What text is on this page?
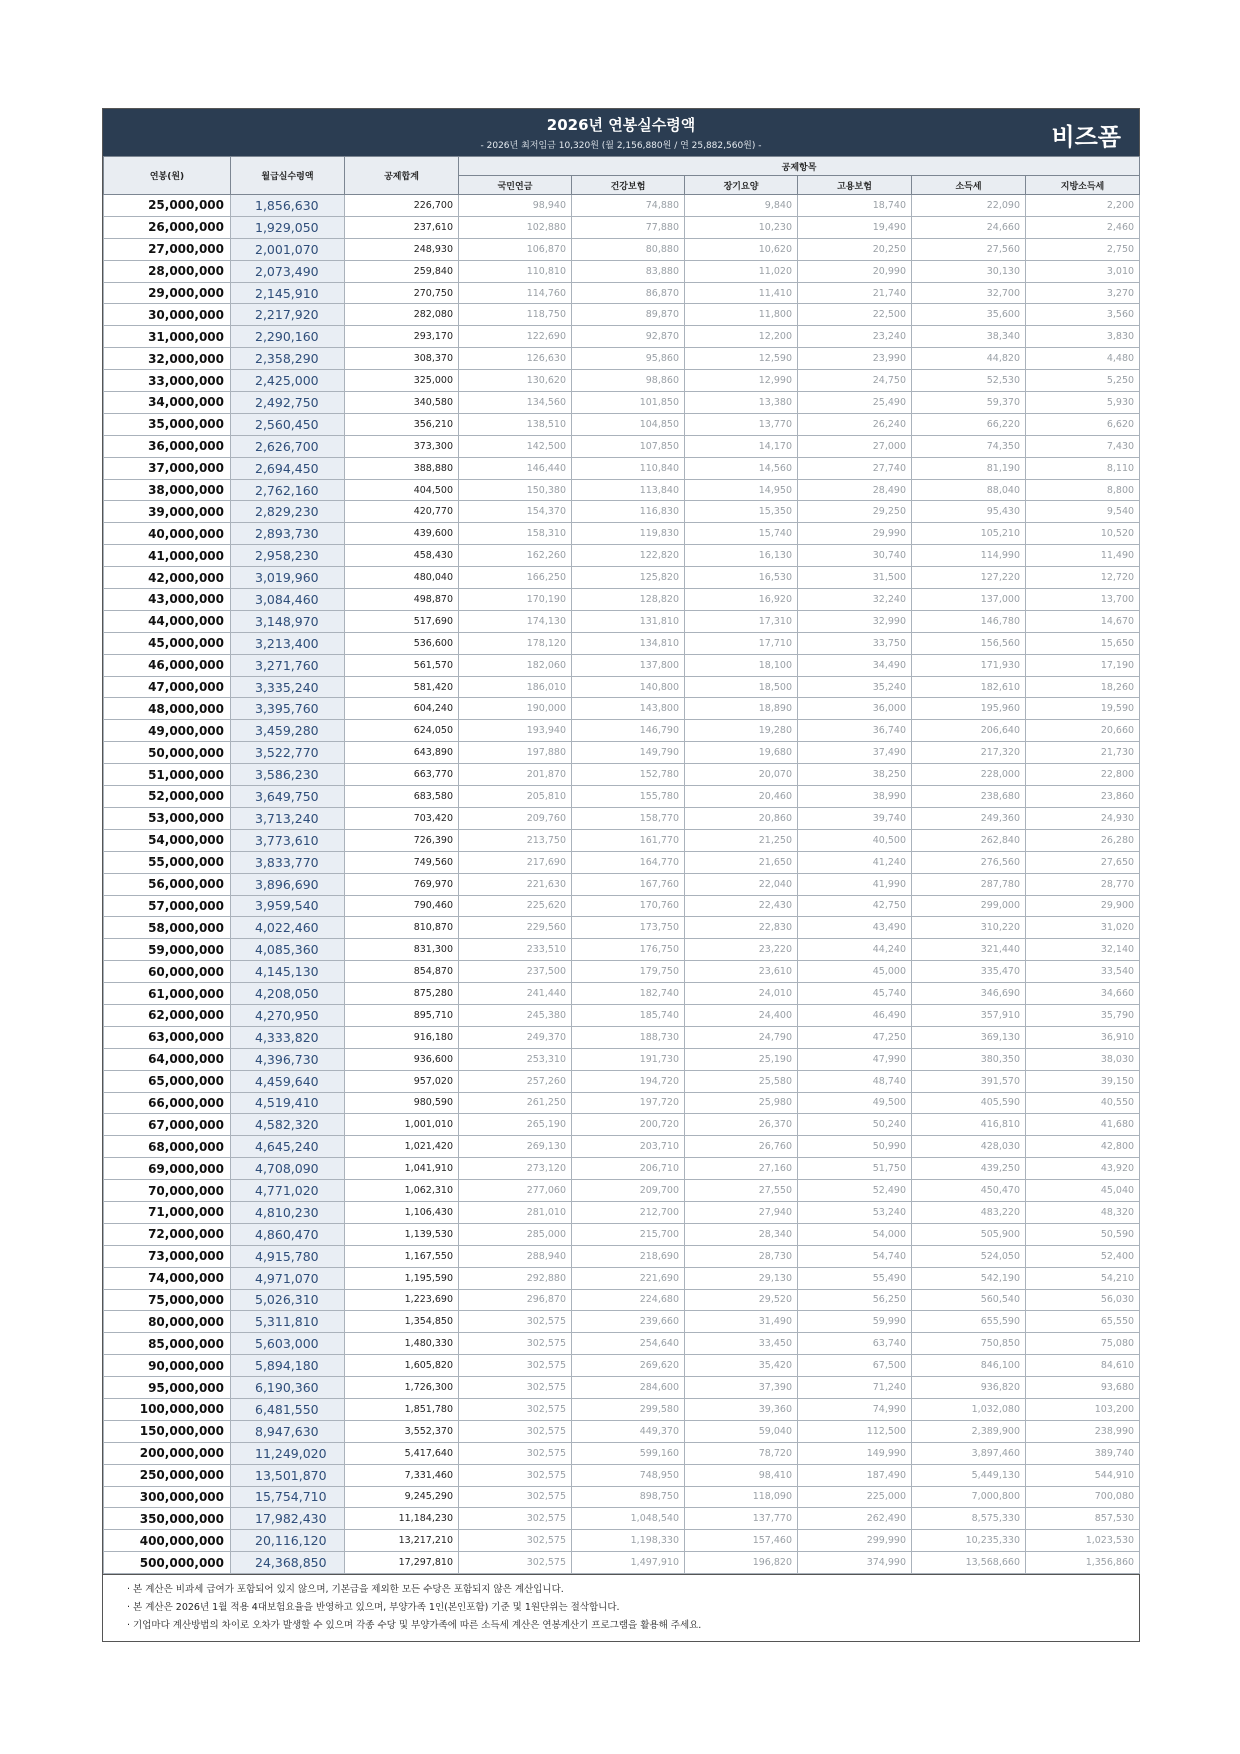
2026년 연봉실수령액
- 2026년 최저임금 10,320원 (월 2,156,880원 / 연 25,882,560원) -	비즈폼
연봉(원)	월급실수령액	공제합계	공제항목					
			국민연금	건강보험	장기요양	고용보험	소득세	지방소득세
25,000,000	1,856,630	226,700	98,940	74,880	9,840	18,740	22,090	2,200
26,000,000	1,929,050	237,610	102,880	77,880	10,230	19,490	24,660	2,460
27,000,000	2,001,070	248,930	106,870	80,880	10,620	20,250	27,560	2,750
28,000,000	2,073,490	259,840	110,810	83,880	11,020	20,990	30,130	3,010
29,000,000	2,145,910	270,750	114,760	86,870	11,410	21,740	32,700	3,270
30,000,000	2,217,920	282,080	118,750	89,870	11,800	22,500	35,600	3,560
31,000,000	2,290,160	293,170	122,690	92,870	12,200	23,240	38,340	3,830
32,000,000	2,358,290	308,370	126,630	95,860	12,590	23,990	44,820	4,480
33,000,000	2,425,000	325,000	130,620	98,860	12,990	24,750	52,530	5,250
34,000,000	2,492,750	340,580	134,560	101,850	13,380	25,490	59,370	5,930
35,000,000	2,560,450	356,210	138,510	104,850	13,770	26,240	66,220	6,620
36,000,000	2,626,700	373,300	142,500	107,850	14,170	27,000	74,350	7,430
37,000,000	2,694,450	388,880	146,440	110,840	14,560	27,740	81,190	8,110
38,000,000	2,762,160	404,500	150,380	113,840	14,950	28,490	88,040	8,800
39,000,000	2,829,230	420,770	154,370	116,830	15,350	29,250	95,430	9,540
40,000,000	2,893,730	439,600	158,310	119,830	15,740	29,990	105,210	10,520
41,000,000	2,958,230	458,430	162,260	122,820	16,130	30,740	114,990	11,490
42,000,000	3,019,960	480,040	166,250	125,820	16,530	31,500	127,220	12,720
43,000,000	3,084,460	498,870	170,190	128,820	16,920	32,240	137,000	13,700
44,000,000	3,148,970	517,690	174,130	131,810	17,310	32,990	146,780	14,670
45,000,000	3,213,400	536,600	178,120	134,810	17,710	33,750	156,560	15,650
46,000,000	3,271,760	561,570	182,060	137,800	18,100	34,490	171,930	17,190
47,000,000	3,335,240	581,420	186,010	140,800	18,500	35,240	182,610	18,260
48,000,000	3,395,760	604,240	190,000	143,800	18,890	36,000	195,960	19,590
49,000,000	3,459,280	624,050	193,940	146,790	19,280	36,740	206,640	20,660
50,000,000	3,522,770	643,890	197,880	149,790	19,680	37,490	217,320	21,730
51,000,000	3,586,230	663,770	201,870	152,780	20,070	38,250	228,000	22,800
52,000,000	3,649,750	683,580	205,810	155,780	20,460	38,990	238,680	23,860
53,000,000	3,713,240	703,420	209,760	158,770	20,860	39,740	249,360	24,930
54,000,000	3,773,610	726,390	213,750	161,770	21,250	40,500	262,840	26,280
55,000,000	3,833,770	749,560	217,690	164,770	21,650	41,240	276,560	27,650
56,000,000	3,896,690	769,970	221,630	167,760	22,040	41,990	287,780	28,770
57,000,000	3,959,540	790,460	225,620	170,760	22,430	42,750	299,000	29,900
58,000,000	4,022,460	810,870	229,560	173,750	22,830	43,490	310,220	31,020
59,000,000	4,085,360	831,300	233,510	176,750	23,220	44,240	321,440	32,140
60,000,000	4,145,130	854,870	237,500	179,750	23,610	45,000	335,470	33,540
61,000,000	4,208,050	875,280	241,440	182,740	24,010	45,740	346,690	34,660
62,000,000	4,270,950	895,710	245,380	185,740	24,400	46,490	357,910	35,790
63,000,000	4,333,820	916,180	249,370	188,730	24,790	47,250	369,130	36,910
64,000,000	4,396,730	936,600	253,310	191,730	25,190	47,990	380,350	38,030
65,000,000	4,459,640	957,020	257,260	194,720	25,580	48,740	391,570	39,150
66,000,000	4,519,410	980,590	261,250	197,720	25,980	49,500	405,590	40,550
67,000,000	4,582,320	1,001,010	265,190	200,720	26,370	50,240	416,810	41,680
68,000,000	4,645,240	1,021,420	269,130	203,710	26,760	50,990	428,030	42,800
69,000,000	4,708,090	1,041,910	273,120	206,710	27,160	51,750	439,250	43,920
70,000,000	4,771,020	1,062,310	277,060	209,700	27,550	52,490	450,470	45,040
71,000,000	4,810,230	1,106,430	281,010	212,700	27,940	53,240	483,220	48,320
72,000,000	4,860,470	1,139,530	285,000	215,700	28,340	54,000	505,900	50,590
73,000,000	4,915,780	1,167,550	288,940	218,690	28,730	54,740	524,050	52,400
74,000,000	4,971,070	1,195,590	292,880	221,690	29,130	55,490	542,190	54,210
75,000,000	5,026,310	1,223,690	296,870	224,680	29,520	56,250	560,540	56,030
80,000,000	5,311,810	1,354,850	302,575	239,660	31,490	59,990	655,590	65,550
85,000,000	5,603,000	1,480,330	302,575	254,640	33,450	63,740	750,850	75,080
90,000,000	5,894,180	1,605,820	302,575	269,620	35,420	67,500	846,100	84,610
95,000,000	6,190,360	1,726,300	302,575	284,600	37,390	71,240	936,820	93,680
100,000,000	6,481,550	1,851,780	302,575	299,580	39,360	74,990	1,032,080	103,200
150,000,000	8,947,630	3,552,370	302,575	449,370	59,040	112,500	2,389,900	238,990
200,000,000	11,249,020	5,417,640	302,575	599,160	78,720	149,990	3,897,460	389,740
250,000,000	13,501,870	7,331,460	302,575	748,950	98,410	187,490	5,449,130	544,910
300,000,000	15,754,710	9,245,290	302,575	898,750	118,090	225,000	7,000,800	700,080
350,000,000	17,982,430	11,184,230	302,575	1,048,540	137,770	262,490	8,575,330	857,530
400,000,000	20,116,120	13,217,210	302,575	1,198,330	157,460	299,990	10,235,330	1,023,530
500,000,000	24,368,850	17,297,810	302,575	1,497,910	196,820	374,990	13,568,660	1,356,860
· 본 계산은 비과세 급여가 포함되어 있지 않으며, 기본급을 제외한 모든 수당은 포함되지 않은 계산입니다.
· 본 계산은 2026년 1월 적용 4대보험요율을 반영하고 있으며, 부양가족 1인(본인포함) 기준 및 1원단위는 절삭합니다.
· 기업마다 계산방법의 차이로 오차가 발생할 수 있으며 각종 수당 및 부양가족에 따른 소득세 계산은 연봉계산기 프로그램을 활용해 주세요.
